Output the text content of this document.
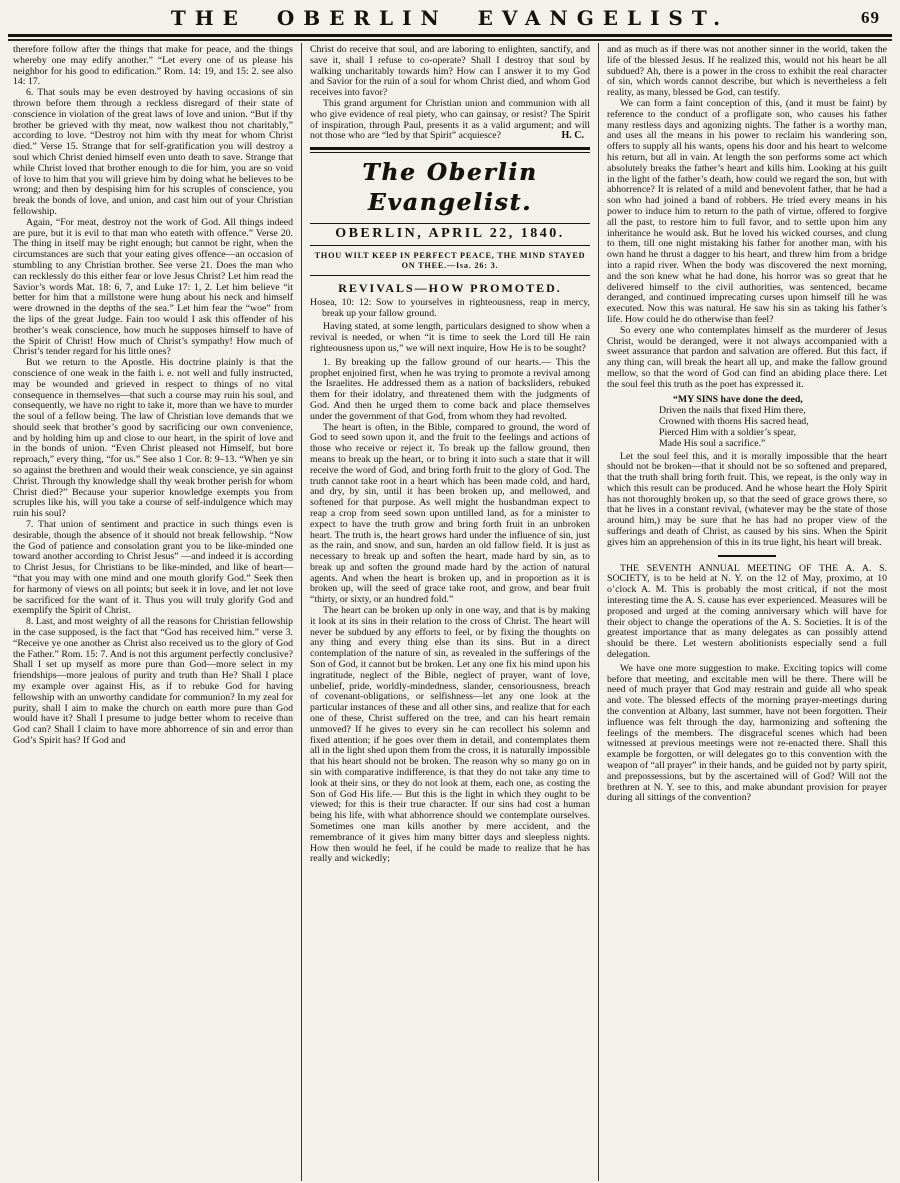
THE OBERLIN EVANGELIST.	69

therefore follow after the things that make for peace, and the things whereby one may edify another.” “Let every one of us please his neighbor for his good to edification.” Rom. 14: 19, and 15: 2. see also 14: 17.

6. That souls may be even destroyed by having occasions of sin thrown before them through a reckless disregard of their state of conscience in violation of the great laws of love and union. “But if thy brother be grieved with thy meat, now walkest thou not charitably,” according to love. “Destroy not him with thy meat for whom Christ died.” Verse 15. Strange that for self-gratification you will destroy a soul which Christ denied himself even unto death to save. Strange that while Christ loved that brother enough to die for him, you are so void of love to him that you will grieve him by doing what he believes to be wrong; and then by despising him for his scruples of conscience, you break the bonds of love, and union, and cast him out of your Christian fellowship.

Again, “For meat, destroy not the work of God. All things indeed are pure, but it is evil to that man who eateth with offence.” Verse 20. The thing in itself may be right enough; but cannot be right, when the circumstances are such that your eating gives offence—an occasion of stumbling to any Christian brother. See verse 21. Does the man who can recklessly do this either fear or love Jesus Christ? Let him read the Savior’s words Mat. 18: 6, 7, and Luke 17: 1, 2. Let him believe “it better for him that a millstone were hung about his neck and himself were drowned in the depths of the sea.” Let him fear the “woe” from the lips of the great Judge. Fain too would I ask this offender of his brother’s weak conscience, how much he supposes himself to have of the Spirit of Christ! How much of Christ’s sympathy! How much of Christ’s tender regard for his little ones?

But we return to the Apostle. His doctrine plainly is that the conscience of one weak in the faith i. e. not well and fully instructed, may be wounded and grieved in respect to things of no vital consequence in themselves—that such a course may ruin his soul, and consequently, we have no right to take it, more than we have to murder the soul of a fellow being. The law of Christian love demands that we should seek that brother’s good by sacrificing our own convenience, and by holding him up and close to our heart, in the spirit of love and in the bonds of union. “Even Christ pleased not Himself, but bore reproach,” every thing, “for us.” See also 1 Cor. 8: 9–13. “When ye sin so against the brethren and would their weak conscience, ye sin against Christ. Through thy knowledge shall thy weak brother perish for whom Christ died?” Because your superior knowledge exempts you from scruples like his, will you take a course of self-indulgence which may ruin his soul?

7. That union of sentiment and practice in such things even is desirable, though the absence of it should not break fellowship. “Now the God of patience and consolation grant you to be like-minded one toward another according to Christ Jesus” —and indeed it is according to Christ Jesus, for Christians to be like-minded, and like of heart— “that you may with one mind and one mouth glorify God.” Seek then for harmony of views on all points; but seek it in love, and let not love be sacrificed for the want of it. Thus you will truly glorify God and exemplify the Spirit of Christ.

8. Last, and most weighty of all the reasons for Christian fellowship in the case supposed, is the fact that “God has received him.” verse 3. “Receive ye one another as Christ also received us to the glory of God the Father.” Rom. 15: 7. And is not this argument perfectly conclusive? Shall I set up myself as more pure than God—more select in my friendships—more jealous of purity and truth than He? Shall I place my example over against His, as if to rebuke God for having fellowship with an unworthy candidate for communion? In my zeal for purity, shall I aim to make the church on earth more pure than God would have it? Shall I presume to judge better whom to receive than God can? Shall I claim to have more abhorrence of sin and error than God’s Spirit has? If God and

Christ do receive that soul, and are laboring to enlighten, sanctify, and save it, shall I refuse to co-operate? Shall I destroy that soul by walking uncharitably towards him? How can I answer it to my God and Savior for the ruin of a soul for whom Christ died, and whom God receives into favor?

This grand argument for Christian union and communion with all who give evidence of real piety, who can gainsay, or resist? The Spirit of inspiration, through Paul, presents it as a valid argument; and will not those who are “led by that Spirit” acquiesce?	H. C.
The Oberlin Evangelist.
OBERLIN, APRIL 22, 1840.
THOU WILT KEEP IN PERFECT PEACE, THE MIND STAYED
ON THEE.—Isa. 26: 3.
REVIVALS—HOW PROMOTED.

Hosea, 10: 12: Sow to yourselves in righteousness, reap in mercy, break up your fallow ground.

Having stated, at some length, particulars designed to show when a revival is needed, or when “it is time to seek the Lord till He rain righteousness upon us,” we will next inquire, How He is to be sought?

1. By breaking up the fallow ground of our hearts.— This the prophet enjoined first, when he was trying to promote a revival among the Israelites. He addressed them as a nation of backsliders, rebuked them for their idolatry, and threatened them with the judgments of God. And then he urged them to come back and place themselves under the government of that God, from whom they had revolted.

The heart is often, in the Bible, compared to ground, the word of God to seed sown upon it, and the fruit to the feelings and actions of those who receive or reject it. To break up the fallow ground, then means to break up the heart, or to bring it into such a state that it will receive the word of God, and bring forth fruit to the glory of God. The truth cannot take root in a heart which has been made cold, and hard, and dry, by sin, until it has been broken up, and mellowed, and softened for that purpose. As well might the husbandman expect to reap a crop from seed sown upon untilled land, as for a minister to expect to have the truth grow and bring forth fruit in an unbroken heart. The truth is, the heart grows hard under the influence of sin, just as the rain, and snow, and sun, harden an old fallow field. It is just as necessary to break up and soften the heart, made hard by sin, as to break up and soften the ground made hard by the action of natural agents. And when the heart is broken up, and in proportion as it is broken up, will the seed of grace take root, and grow, and bear fruit “thirty, or sixty, or an hundred fold.”

The heart can be broken up only in one way, and that is by making it look at its sins in their relation to the cross of Christ. The heart will never be subdued by any efforts to feel, or by fixing the thoughts on any thing and every thing else than its sins. But in a direct contemplation of the nature of sin, as revealed in the sufferings of the Son of God, it cannot but be broken. Let any one fix his mind upon his ingratitude, neglect of the Bible, neglect of prayer, want of love, unbelief, pride, worldly-mindedness, slander, censoriousness, breach of covenant-obligations, or selfishness—let any one look at the particular instances of these and all other sins, and realize that for each one of these, Christ suffered on the tree, and can his heart remain unmoved? If he gives to every sin he can recollect his solemn and fixed attention; if he goes over them in detail, and contemplates them all in the light shed upon them from the cross, it is naturally impossible that his heart should not be broken. The reason why so many go on in sin with comparative indifference, is that they do not take any time to look at their sins, or they do not look at them, each one, as costing the Son of God His life.— But this is the light in which they ought to be viewed; for this is their true character. If our sins had cost a human being his life, with what abhorrence should we contemplate ourselves. Sometimes one man kills another by mere accident, and the remembrance of it gives him many bitter days and sleepless nights. How then would he feel, if he could be made to realize that he has really and wickedly;

and as much as if there was not another sinner in the world, taken the life of the blessed Jesus. If he realized this, would not his heart be all subdued? Ah, there is a power in the cross to exhibit the real character of sin, which words cannot describe, but which is nevertheless a felt reality, as many, blessed be God, can testify.

We can form a faint conception of this, (and it must be faint) by reference to the conduct of a profligate son, who causes his father many restless days and agonizing nights. The father is a worthy man, and uses all the means in his power to reclaim his wandering son, offers to supply all his wants, opens his door and his heart to welcome his return, but all in vain. At length the son performs some act which absolutely breaks the father’s heart and kills him. Looking at his guilt in the light of the father’s death, how could we regard the son, but with abhorrence? It is related of a mild and benevolent father, that he had a son who had joined a band of robbers. He tried every means in his power to induce him to return to the path of virtue, offered to forgive all the past, to restore him to full favor, and to settle upon him any inheritance he would ask. But he loved his wicked courses, and clung to them, till one night mistaking his father for another man, with his own hand he thrust a dagger to his heart, and threw him from a bridge into a rapid river. When the body was discovered the next morning, and the son knew what he had done, his horror was so great that he delivered himself to the civil authorities, was sentenced, became deranged, and continued imprecating curses upon himself till he was executed. Now this was natural. He saw his sin as taking his father’s life. How could he do otherwise than feel?

So every one who contemplates himself as the murderer of Jesus Christ, would be deranged, were it not always accompanied with a sweet assurance that pardon and salvation are offered. But this fact, if any thing can, will break the heart all up, and make the fallow ground mellow, so that the word of God can find an abiding place there. Let the soul feel this truth as the poet has expressed it.

“MY SINS have done the deed,
Driven the nails that fixed Him there,
Crowned with thorns His sacred head,
Pierced Him with a soldier’s spear,
Made His soul a sacrifice.”

Let the soul feel this, and it is morally impossible that the heart should not be broken—that it should not be so softened and prepared, that the truth shall bring forth fruit. This, we repeat, is the only way in which this result can be produced. And he whose heart the Holy Spirit has not thoroughly broken up, so that the seed of grace grows there, so that he lives in a constant revival, (whatever may be the state of those around him,) may be sure that he has had no proper view of the sufferings and death of Christ, as caused by his sins. When the Spirit gives him an apprehension of this in its true light, his heart will break.

THE SEVENTH ANNUAL MEETING OF THE A. A. S. SOCIETY, is to be held at N. Y. on the 12 of May, proximo, at 10 o’clock A. M. This is probably the most critical, if not the most interesting time the A. S. cause has ever experienced. Measures will be proposed and urged at the coming anniversary which will have for their object to change the operations of the A. S. Societies. It is of the greatest importance that as many delegates as can possibly attend should be there. Let western abolitionists especially send a full delegation.

We have one more suggestion to make. Exciting topics will come before that meeting, and excitable men will be there. There will be need of much prayer that God may restrain and guide all who speak and vote. The blessed effects of the morning prayer-meetings during the convention at Albany, last summer, have not been forgotten. Their influence was felt through the day, harmonizing and softening the feelings of the members. The disgraceful scenes which had been witnessed at previous meetings were not re-enacted there. Shall this example be forgotten, or will delegates go to this convention with the weapon of “all prayer” in their hands, and be guided not by party spirit, and prepossessions, but by the ascertained will of God? Will not the brethren at N. Y. see to this, and make abundant provision for prayer during all sittings of the convention?
